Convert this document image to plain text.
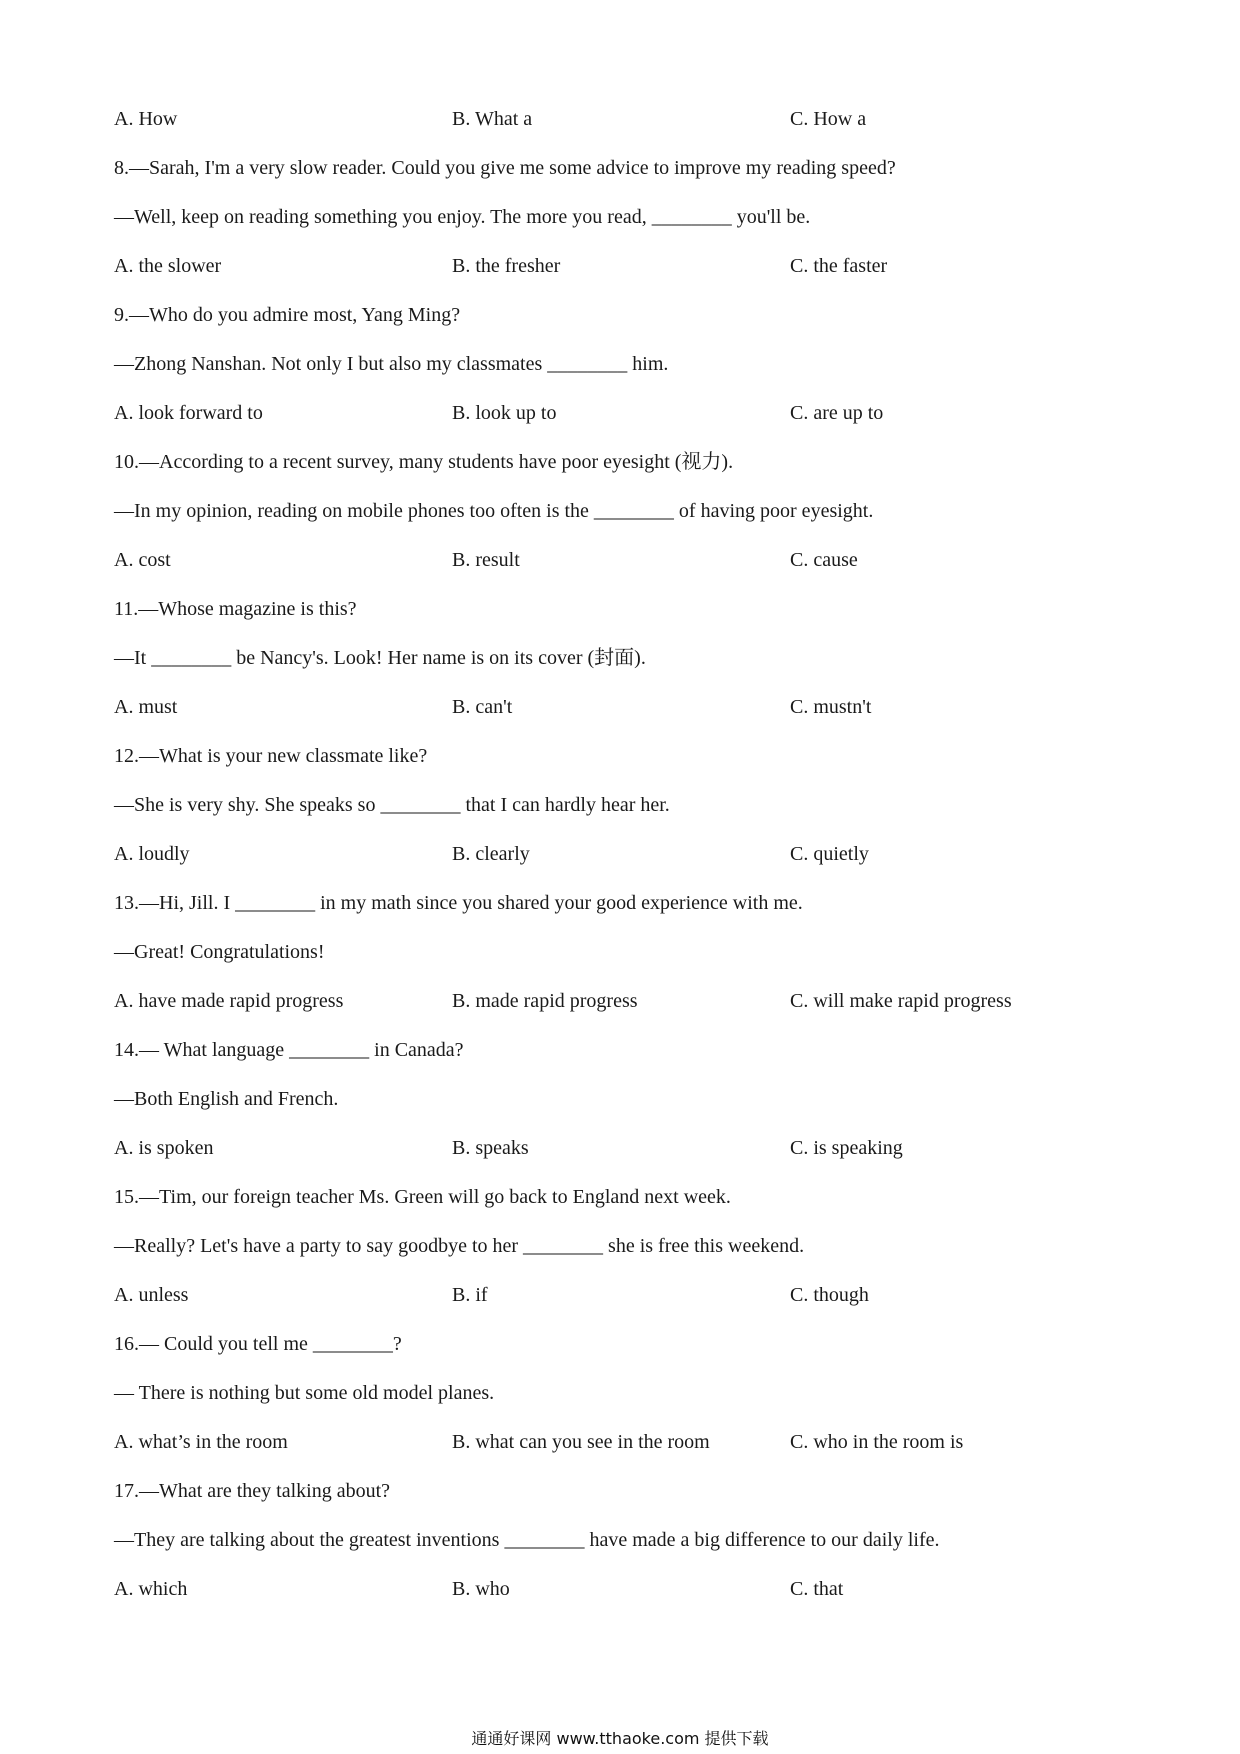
A. How	B. What a	C. How a
8.—Sarah, I'm a very slow reader. Could you give me some advice to improve my reading speed?
—Well, keep on reading something you enjoy. The more you read, ________ you'll be.
A. the slower	B. the fresher	C. the faster
9.—Who do you admire most, Yang Ming?
—Zhong Nanshan. Not only I but also my classmates ________ him.
A. look forward to	B. look up to	C. are up to
10.—According to a recent survey, many students have poor eyesight (视力).
—In my opinion, reading on mobile phones too often is the ________ of having poor eyesight.
A. cost	B. result	C. cause
11.—Whose magazine is this?
—It ________ be Nancy's. Look! Her name is on its cover (封面).
A. must	B. can't	C. mustn't
12.—What is your new classmate like?
—She is very shy. She speaks so ________ that I can hardly hear her.
A. loudly	B. clearly	C. quietly
13.—Hi, Jill. I ________ in my math since you shared your good experience with me.
—Great! Congratulations!
A. have made rapid progress	B. made rapid progress	C. will make rapid progress
14.— What language ________ in Canada?
—Both English and French.
A. is spoken	B. speaks	C. is speaking
15.—Tim, our foreign teacher Ms. Green will go back to England next week.
—Really? Let's have a party to say goodbye to her ________ she is free this weekend.
A. unless	B. if	C. though
16.— Could you tell me ________?
— There is nothing but some old model planes.
A. what’s in the room	B. what can you see in the room	C. who in the room is
17.—What are they talking about?
—They are talking about the greatest inventions ________ have made a big difference to our daily life.
A. which	B. who	C. that
通通好课网 www.tthaoke.com 提供下载
